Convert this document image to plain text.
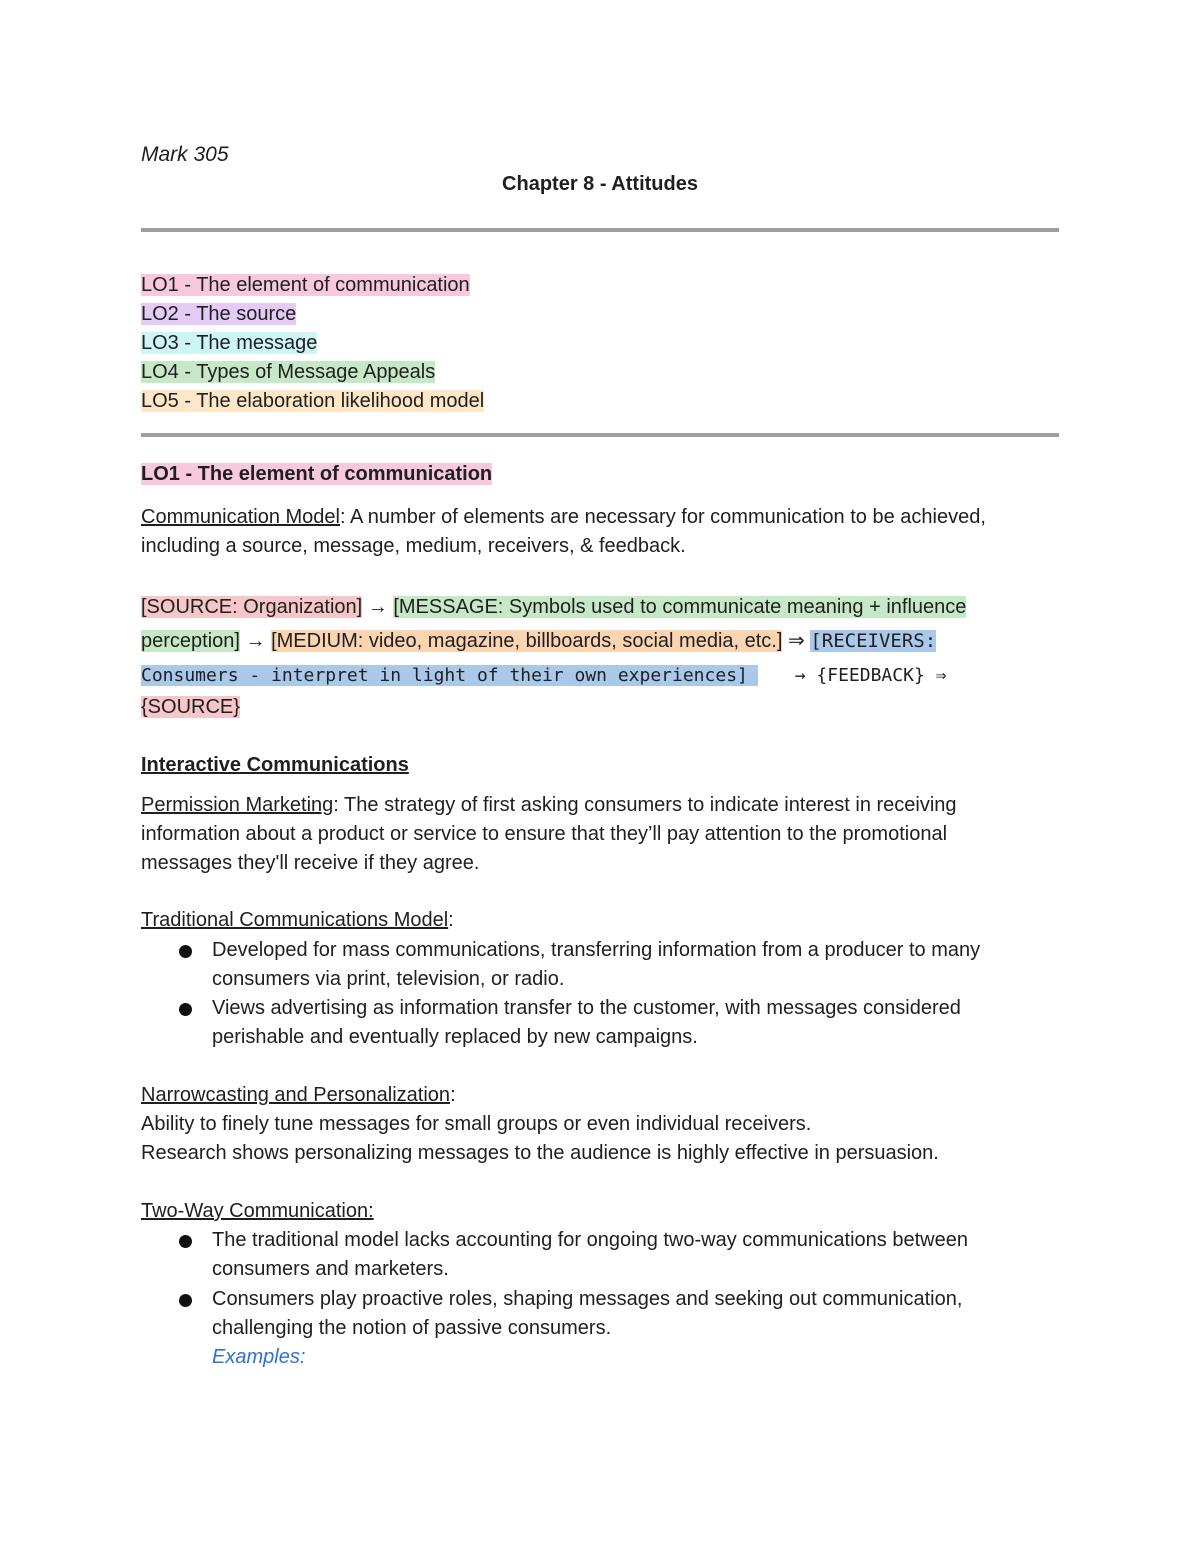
Mark 305
Chapter 8 - Attitudes
LO1 - The element of communication
LO2 - The source
LO3 - The message
LO4 - Types of Message Appeals
LO5 - The elaboration likelihood model
LO1 - The element of communication
Communication Model: A number of elements are necessary for communication to be achieved,
including a source, message, medium, receivers, & feedback.
[SOURCE: Organization] → [MESSAGE: Symbols used to communicate meaning + influence
perception] → [MEDIUM: video, magazine, billboards, social media, etc.] ⇒ [RECEIVERS:
Consumers - interpret in light of their own experiences]	→ {FEEDBACK} ⇒
{SOURCE}
Interactive Communications
Permission Marketing: The strategy of first asking consumers to indicate interest in receiving
information about a product or service to ensure that they’ll pay attention to the promotional
messages they'll receive if they agree.
Traditional Communications Model:
Developed for mass communications, transferring information from a producer to many
consumers via print, television, or radio.
Views advertising as information transfer to the customer, with messages considered
perishable and eventually replaced by new campaigns.
Narrowcasting and Personalization:
Ability to finely tune messages for small groups or even individual receivers.
Research shows personalizing messages to the audience is highly effective in persuasion.
Two-Way Communication:
The traditional model lacks accounting for ongoing two-way communications between
consumers and marketers.
Consumers play proactive roles, shaping messages and seeking out communication,
challenging the notion of passive consumers.
Examples:
